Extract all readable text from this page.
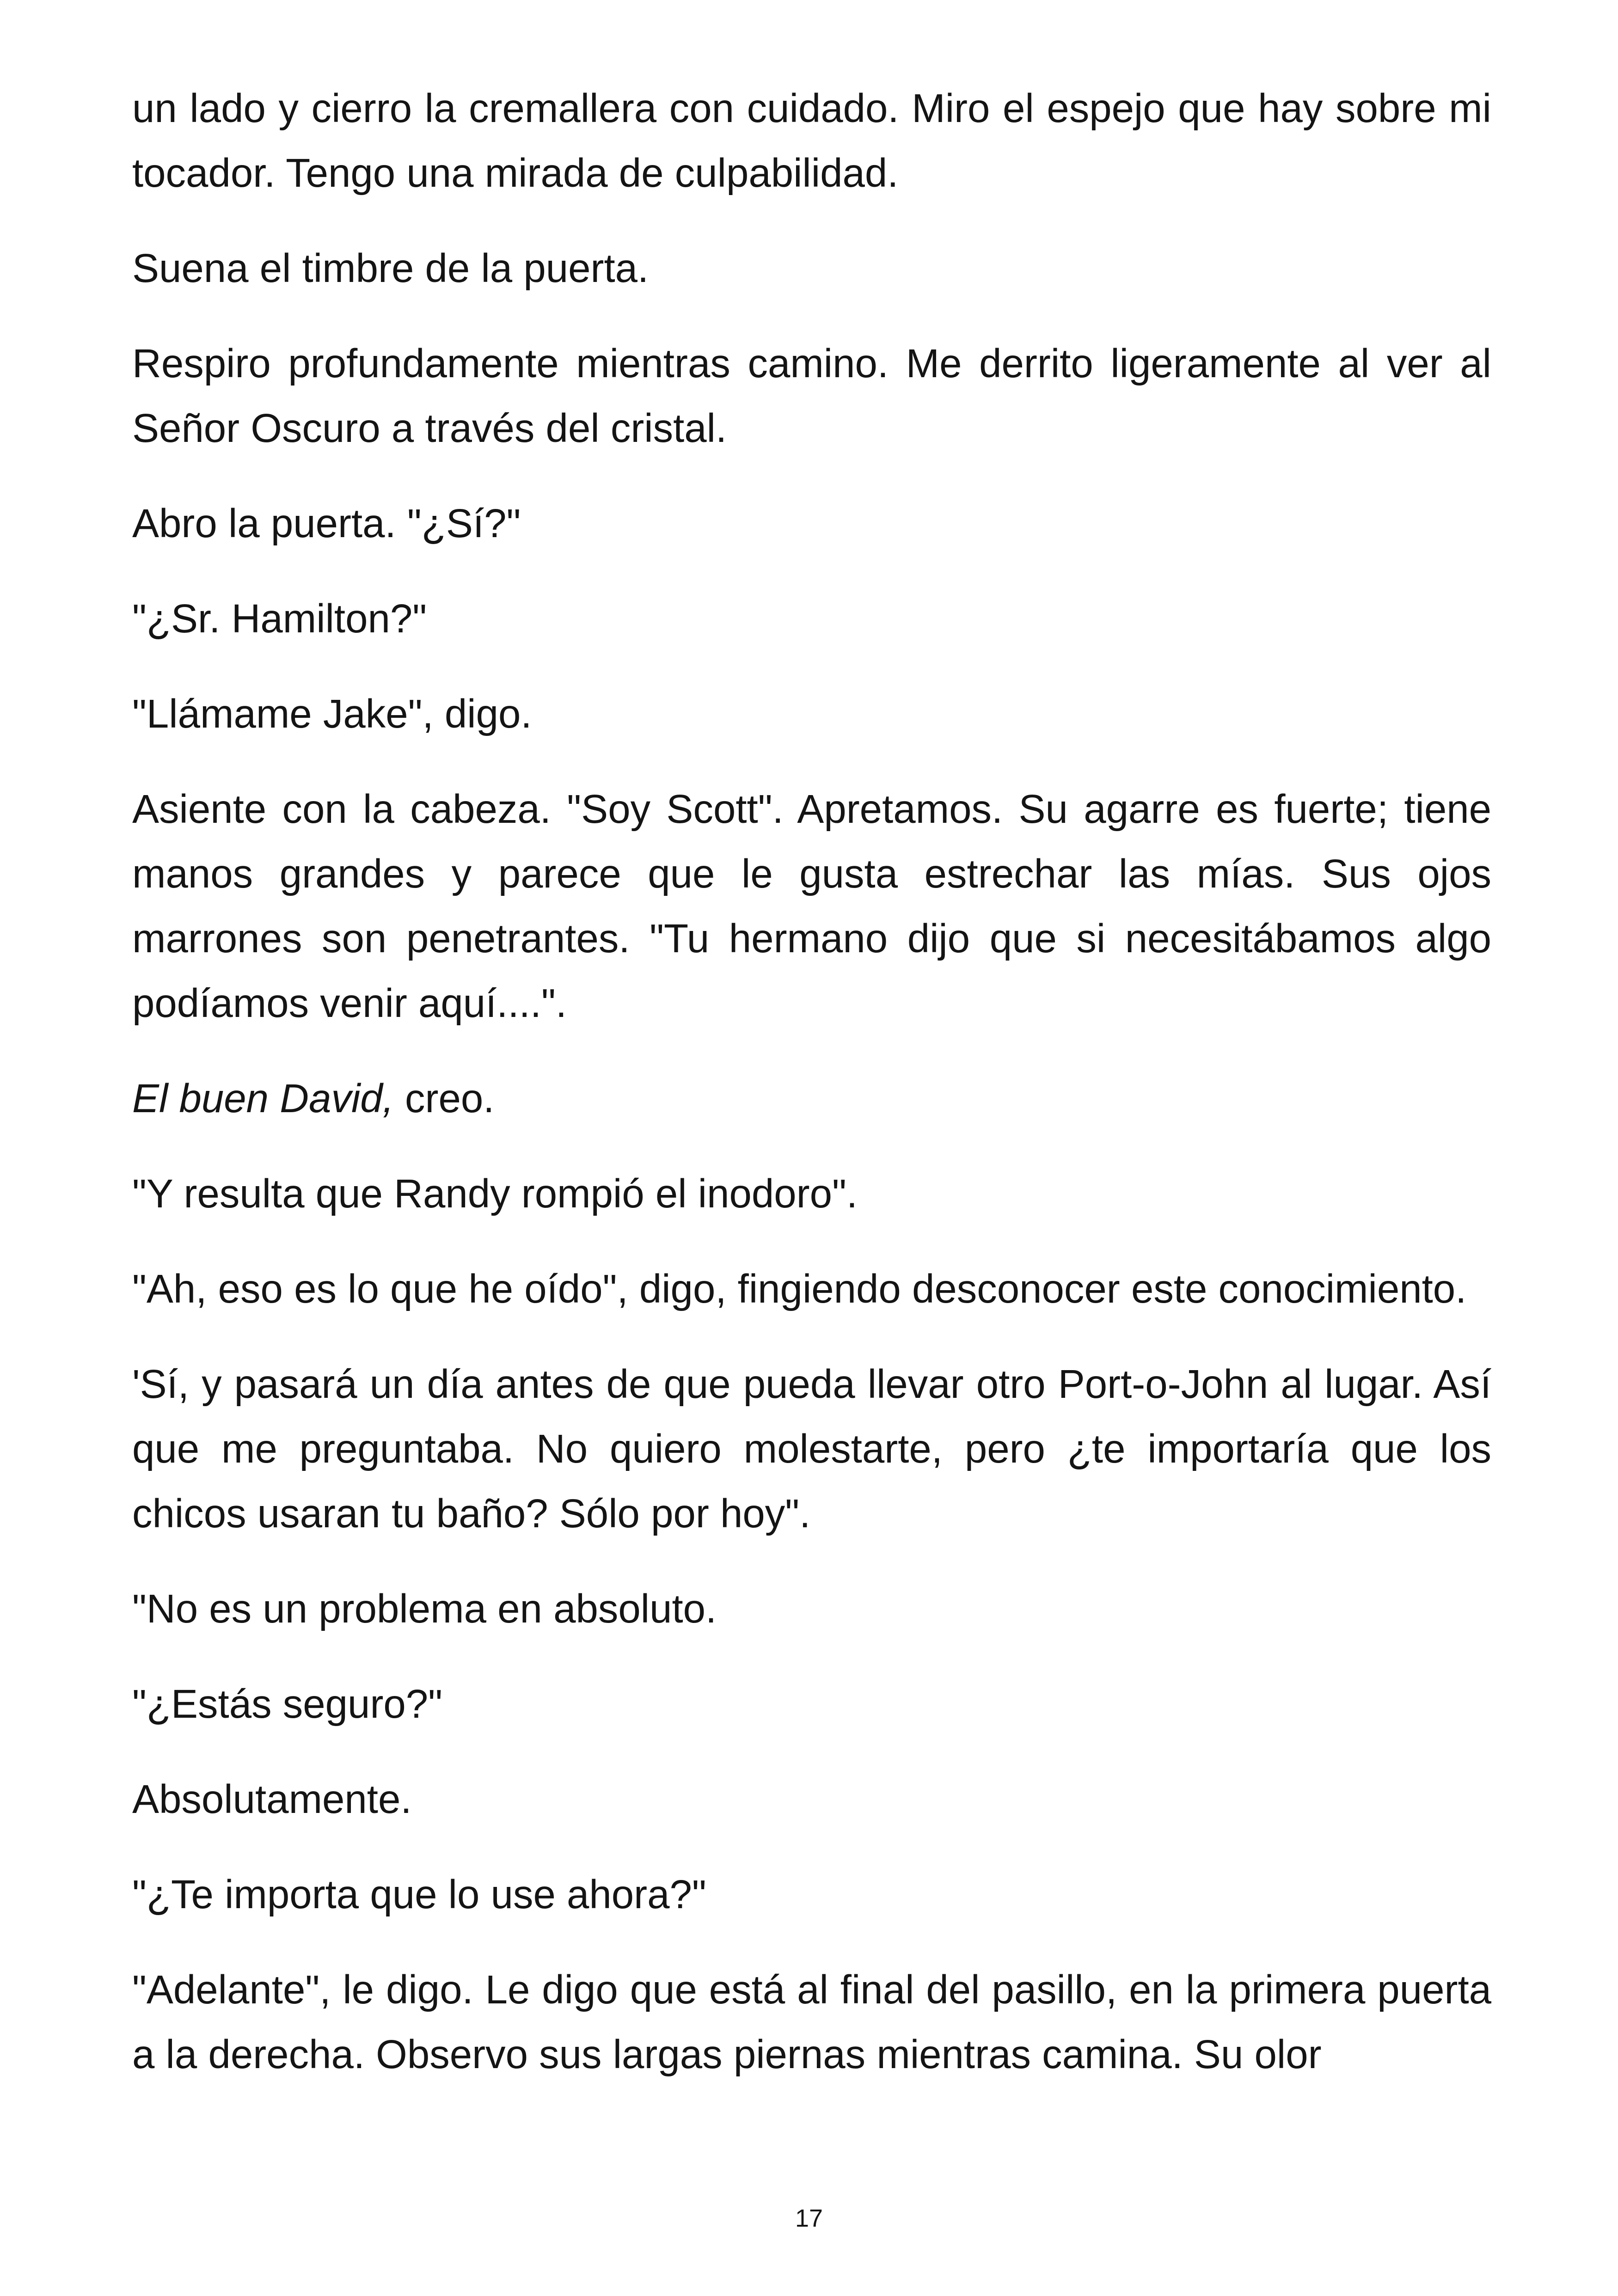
un lado y cierro la cremallera con cuidado. Miro el espejo que hay sobre mi tocador. Tengo una mirada de culpabilidad.

Suena el timbre de la puerta.

Respiro profundamente mientras camino. Me derrito ligeramente al ver al Señor Oscuro a través del cristal.

Abro la puerta. "¿Sí?"

"¿Sr. Hamilton?"

"Llámame Jake", digo.

Asiente con la cabeza. "Soy Scott". Apretamos. Su agarre es fuerte; tiene manos grandes y parece que le gusta estrechar las mías. Sus ojos marrones son penetrantes. "Tu hermano dijo que si necesitábamos algo podíamos venir aquí....".

El buen David, creo.

"Y resulta que Randy rompió el inodoro".

"Ah, eso es lo que he oído", digo, fingiendo desconocer este conocimiento.

'Sí, y pasará un día antes de que pueda llevar otro Port-o-John al lugar. Así que me preguntaba. No quiero molestarte, pero ¿te importaría que los chicos usaran tu baño? Sólo por hoy".

"No es un problema en absoluto.

"¿Estás seguro?"

Absolutamente.

"¿Te importa que lo use ahora?"

"Adelante", le digo. Le digo que está al final del pasillo, en la primera puerta a la derecha. Observo sus largas piernas mientras camina. Su olor

17
